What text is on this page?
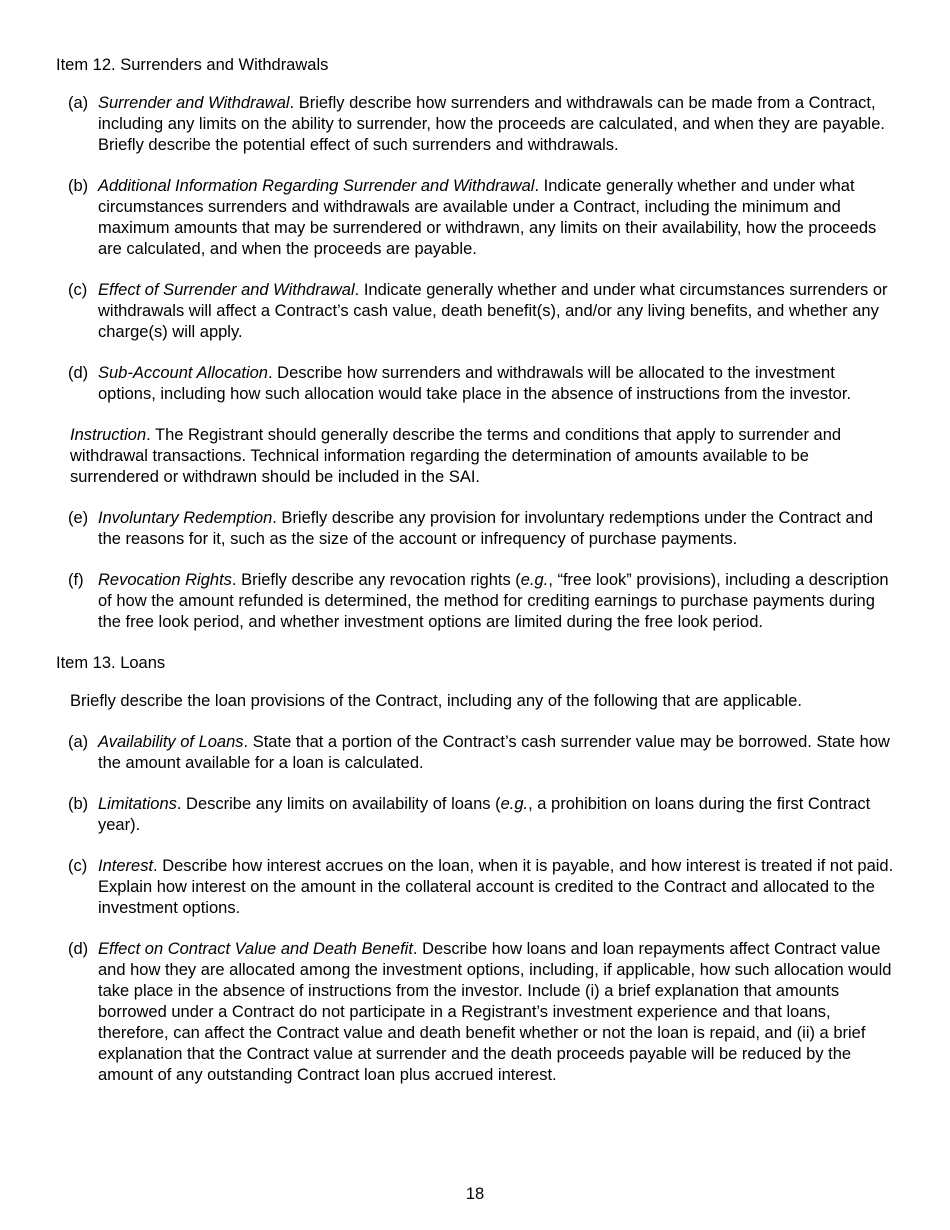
Item 12. Surrenders and Withdrawals
(a) Surrender and Withdrawal. Briefly describe how surrenders and withdrawals can be made from a Contract, including any limits on the ability to surrender, how the proceeds are calculated, and when they are payable. Briefly describe the potential effect of such surrenders and withdrawals.
(b) Additional Information Regarding Surrender and Withdrawal. Indicate generally whether and under what circumstances surrenders and withdrawals are available under a Contract, including the minimum and maximum amounts that may be surrendered or withdrawn, any limits on their availability, how the proceeds are calculated, and when the proceeds are payable.
(c) Effect of Surrender and Withdrawal. Indicate generally whether and under what circumstances surrenders or withdrawals will affect a Contract’s cash value, death benefit(s), and/or any living benefits, and whether any charge(s) will apply.
(d) Sub-Account Allocation. Describe how surrenders and withdrawals will be allocated to the investment options, including how such allocation would take place in the absence of instructions from the investor.
Instruction. The Registrant should generally describe the terms and conditions that apply to surrender and withdrawal transactions. Technical information regarding the determination of amounts available to be surrendered or withdrawn should be included in the SAI.
(e) Involuntary Redemption. Briefly describe any provision for involuntary redemptions under the Contract and the reasons for it, such as the size of the account or infrequency of purchase payments.
(f) Revocation Rights. Briefly describe any revocation rights (e.g., “free look” provisions), including a description of how the amount refunded is determined, the method for crediting earnings to purchase payments during the free look period, and whether investment options are limited during the free look period.
Item 13. Loans
Briefly describe the loan provisions of the Contract, including any of the following that are applicable.
(a) Availability of Loans. State that a portion of the Contract’s cash surrender value may be borrowed. State how the amount available for a loan is calculated.
(b) Limitations. Describe any limits on availability of loans (e.g., a prohibition on loans during the first Contract year).
(c) Interest. Describe how interest accrues on the loan, when it is payable, and how interest is treated if not paid. Explain how interest on the amount in the collateral account is credited to the Contract and allocated to the investment options.
(d) Effect on Contract Value and Death Benefit. Describe how loans and loan repayments affect Contract value and how they are allocated among the investment options, including, if applicable, how such allocation would take place in the absence of instructions from the investor. Include (i) a brief explanation that amounts borrowed under a Contract do not participate in a Registrant’s investment experience and that loans, therefore, can affect the Contract value and death benefit whether or not the loan is repaid, and (ii) a brief explanation that the Contract value at surrender and the death proceeds payable will be reduced by the amount of any outstanding Contract loan plus accrued interest.
18
